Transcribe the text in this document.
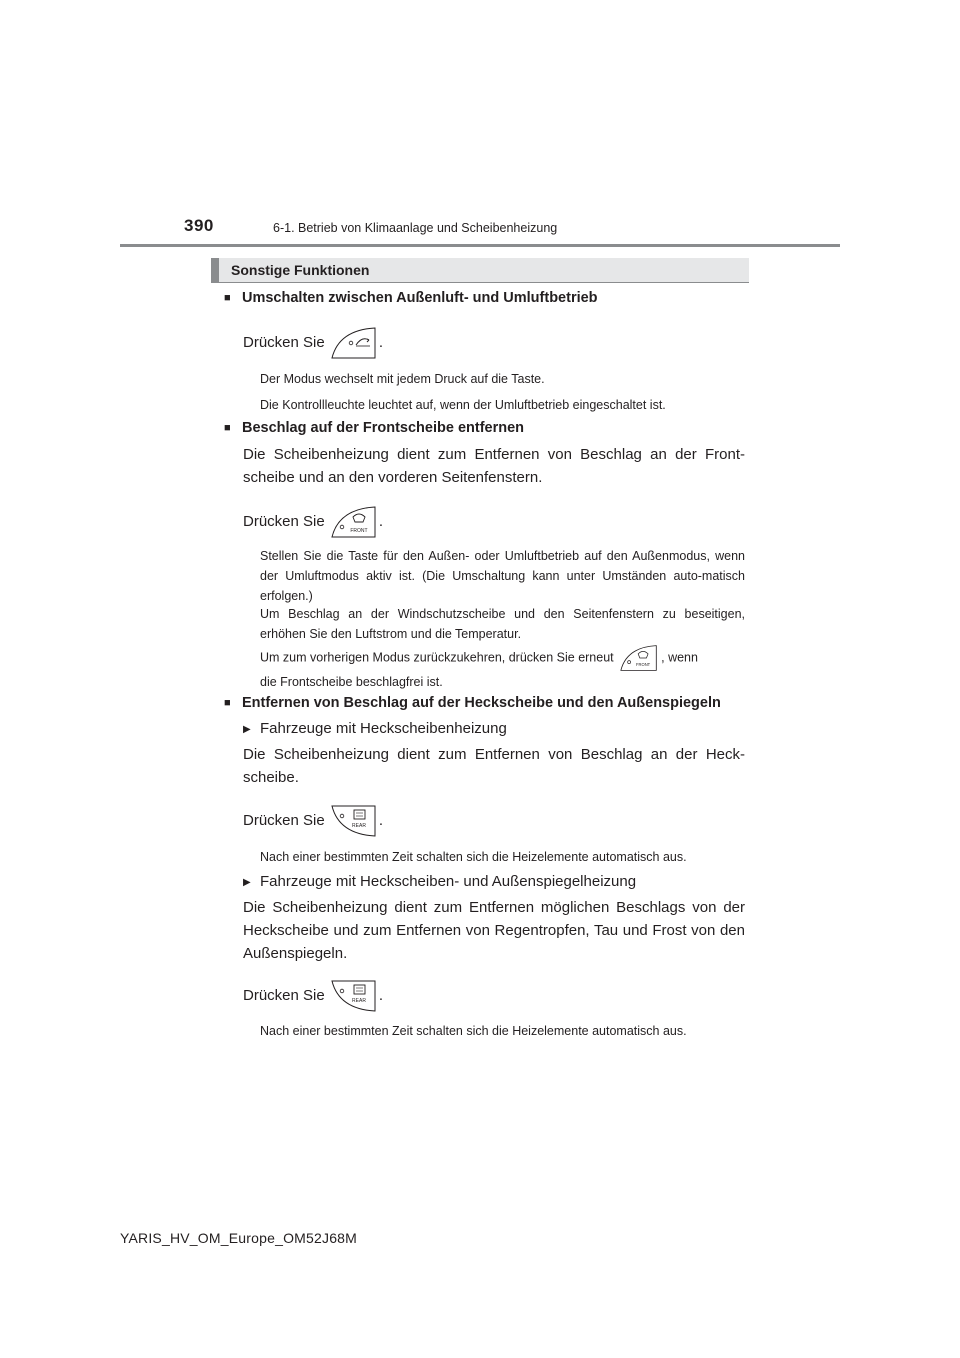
390	6-1. Betrieb von Klimaanlage und Scheibenheizung
Sonstige Funktionen
■ Umschalten zwischen Außenluft- und Umluftbetrieb
Drücken Sie	.
Der Modus wechselt mit jedem Druck auf die Taste.
Die Kontrollleuchte leuchtet auf, wenn der Umluftbetrieb eingeschaltet ist.
■ Beschlag auf der Frontscheibe entfernen
Die Scheibenheizung dient zum Entfernen von Beschlag an der Front-scheibe und an den vorderen Seitenfenstern.
Drücken Sie
FRONT
.
Stellen Sie die Taste für den Außen- oder Umluftbetrieb auf den Außenmodus, wenn der Umluftmodus aktiv ist. (Die Umschaltung kann unter Umständen auto-matisch erfolgen.)
Um Beschlag an der Windschutzscheibe und den Seitenfenstern zu beseitigen, erhöhen Sie den Luftstrom und die Temperatur.
Um zum vorherigen Modus zurückzukehren, drücken Sie erneut
FRONT
, wenn
die Frontscheibe beschlagfrei ist.
■ Entfernen von Beschlag auf der Heckscheibe und den Außenspiegeln
▶ Fahrzeuge mit Heckscheibenheizung
Die Scheibenheizung dient zum Entfernen von Beschlag an der Heck-scheibe.
Drücken Sie	REAR .
Nach einer bestimmten Zeit schalten sich die Heizelemente automatisch aus.
▶ Fahrzeuge mit Heckscheiben- und Außenspiegelheizung
Die Scheibenheizung dient zum Entfernen möglichen Beschlags von der Heckscheibe und zum Entfernen von Regentropfen, Tau und Frost von den Außenspiegeln.
Drücken Sie	REAR .
Nach einer bestimmten Zeit schalten sich die Heizelemente automatisch aus.
YARIS_HV_OM_Europe_OM52J68M
